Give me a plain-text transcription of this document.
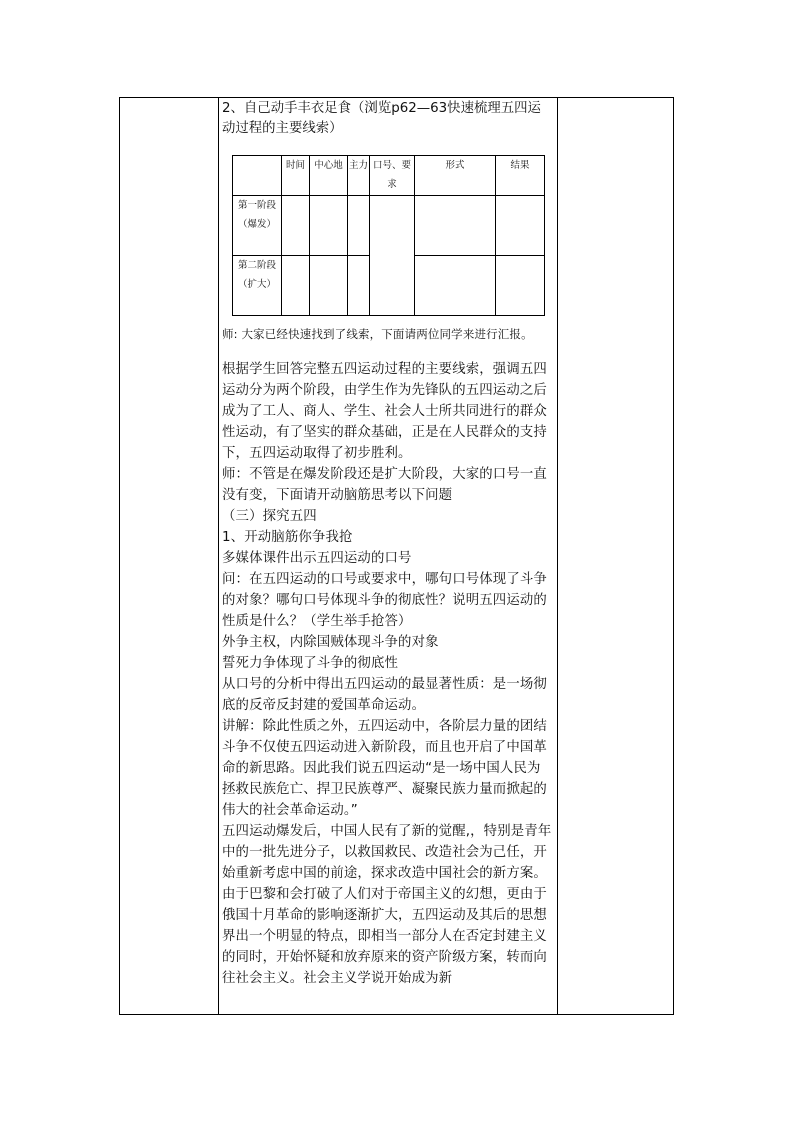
2、自己动手丰衣足食（浏览p62—63快速梳理五四运动过程的主要线索）

	时间	中心地	主力	口号、要求	形式	结果
第一阶段（爆发）						
第二阶段（扩大）						

师: 大家已经快速找到了线索，下面请两位同学来进行汇报。

根据学生回答完整五四运动过程的主要线索，强调五四运动分为两个阶段，由学生作为先锋队的五四运动之后成为了工人、商人、学生、社会人士所共同进行的群众性运动，有了坚实的群众基础，正是在人民群众的支持下，五四运动取得了初步胜利。

师：不管是在爆发阶段还是扩大阶段，大家的口号一直没有变，下面请开动脑筋思考以下问题

（三）探究五四

1、开动脑筋你争我抢

多媒体课件出示五四运动的口号

问：在五四运动的口号或要求中，哪句口号体现了斗争的对象？哪句口号体现斗争的彻底性？说明五四运动的性质是什么？（学生举手抢答）

外争主权，内除国贼体现斗争的对象

誓死力争体现了斗争的彻底性

从口号的分析中得出五四运动的最显著性质：是一场彻底的反帝反封建的爱国革命运动。

讲解：除此性质之外，五四运动中，各阶层力量的团结斗争不仅使五四运动进入新阶段，而且也开启了中国革命的新思路。因此我们说五四运动“是一场中国人民为拯救民族危亡、捍卫民族尊严、凝聚民族力量而掀起的伟大的社会革命运动。”

五四运动爆发后，中国人民有了新的觉醒,，特别是青年中的一批先进分子，以救国救民、改造社会为己任，开始重新考虑中国的前途，探求改造中国社会的新方案。由于巴黎和会打破了人们对于帝国主义的幻想，更由于俄国十月革命的影响逐渐扩大，五四运动及其后的思想界出一个明显的特点，即相当一部分人在否定封建主义的同时，开始怀疑和放弃原来的资产阶级方案，转而向往社会主义。社会主义学说开始成为新
